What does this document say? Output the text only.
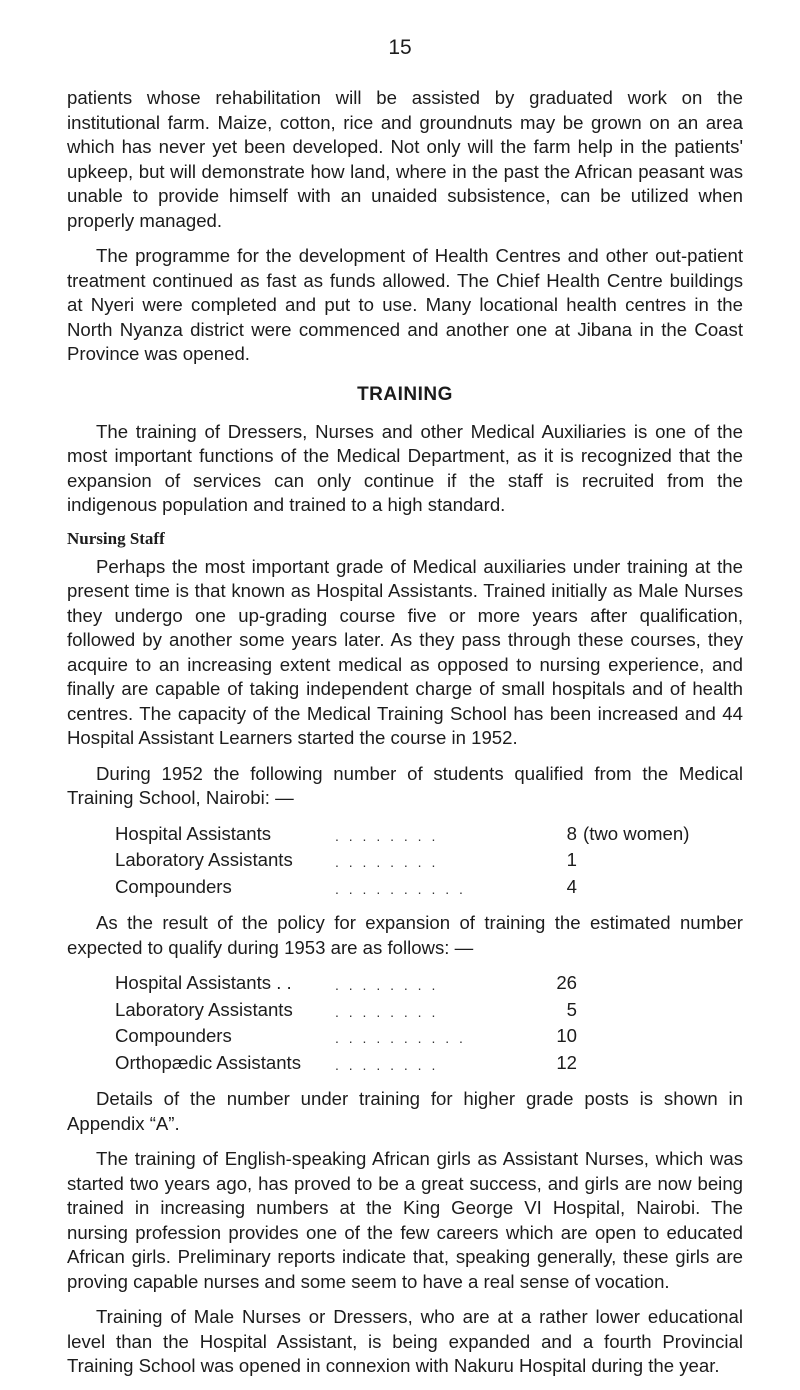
15

patients whose rehabilitation will be assisted by graduated work on the institutional farm. Maize, cotton, rice and groundnuts may be grown on an area which has never yet been developed. Not only will the farm help in the patients' upkeep, but will demonstrate how land, where in the past the African peasant was unable to provide himself with an unaided subsistence, can be utilized when properly managed.

The programme for the development of Health Centres and other out-patient treatment continued as fast as funds allowed. The Chief Health Centre buildings at Nyeri were completed and put to use. Many locational health centres in the North Nyanza district were commenced and another one at Jibana in the Coast Province was opened.

TRAINING

The training of Dressers, Nurses and other Medical Auxiliaries is one of the most important functions of the Medical Department, as it is recognized that the expansion of services can only continue if the staff is recruited from the indigenous population and trained to a high standard.

Nursing Staff

Perhaps the most important grade of Medical auxiliaries under training at the present time is that known as Hospital Assistants. Trained initially as Male Nurses they undergo one up-grading course five or more years after qualification, followed by another some years later. As they pass through these courses, they acquire to an increasing extent medical as opposed to nursing experience, and finally are capable of taking independent charge of small hospitals and of health centres. The capacity of the Medical Training School has been increased and 44 Hospital Assistant Learners started the course in 1952.

During 1952 the following number of students qualified from the Medical Training School, Nairobi: —

Hospital Assistants	. . . . . . . .	8	(two women)
Laboratory Assistants	. . . . . . . .	1	
Compounders	. . . . . . . . . .	4	

As the result of the policy for expansion of training the estimated number expected to qualify during 1953 are as follows: —

Hospital Assistants . .	. . . . . . . .	26
Laboratory Assistants	. . . . . . . .	5
Compounders	. . . . . . . . . .	10
Orthopædic Assistants	. . . . . . . .	12

Details of the number under training for higher grade posts is shown in Appendix “A”.

The training of English-speaking African girls as Assistant Nurses, which was started two years ago, has proved to be a great success, and girls are now being trained in increasing numbers at the King George VI Hospital, Nairobi. The nursing profession provides one of the few careers which are open to educated African girls. Preliminary reports indicate that, speaking generally, these girls are proving capable nurses and some seem to have a real sense of vocation.

Training of Male Nurses or Dressers, who are at a rather lower educational level than the Hospital Assistant, is being expanded and a fourth Provincial Training School was opened in connexion with Nakuru Hospital during the year.
